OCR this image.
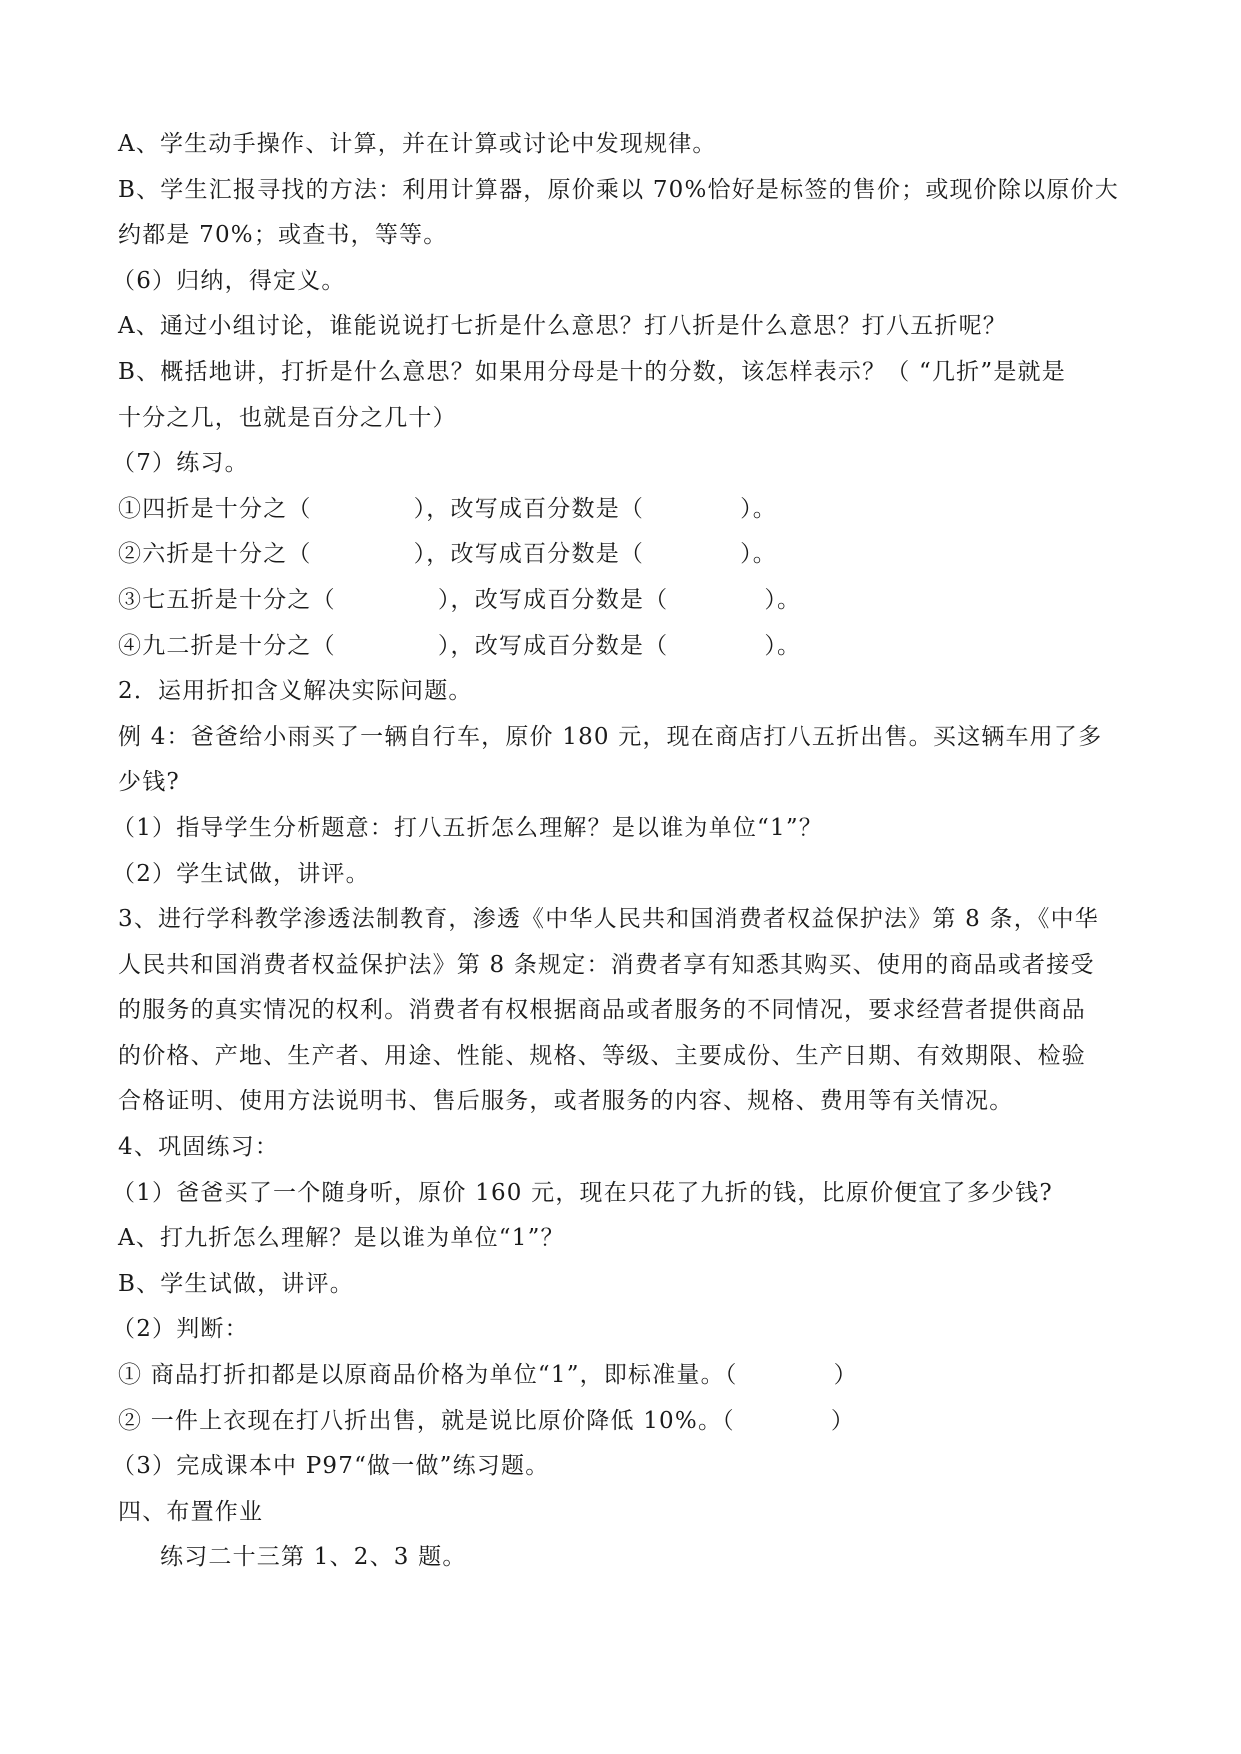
A、学生动手操作、计算，并在计算或讨论中发现规律。
B、学生汇报寻找的方法：利用计算器，原价乘以 70%恰好是标签的售价；或现价除以原价大
约都是 70%；或查书，等等。
（6）归纳，得定义。
A、通过小组讨论，谁能说说打七折是什么意思？打八折是什么意思？打八五折呢？
B、概括地讲，打折是什么意思？如果用分母是十的分数，该怎样表示？（ “几折”是就是
十分之几，也就是百分之几十）
（7）练习。
①四折是十分之（	），改写成百分数是（	）。
②六折是十分之（	），改写成百分数是（	）。
③七五折是十分之（	），改写成百分数是（	）。
④九二折是十分之（	），改写成百分数是（	）。
2．运用折扣含义解决实际问题。
例 4：爸爸给小雨买了一辆自行车，原价 180 元，现在商店打八五折出售。买这辆车用了多
少钱?
（1）指导学生分析题意：打八五折怎么理解？是以谁为单位“1”？
（2）学生试做，讲评。
3、进行学科教学渗透法制教育，渗透《中华人民共和国消费者权益保护法》第 8 条，《中华
人民共和国消费者权益保护法》第 8 条规定：消费者享有知悉其购买、使用的商品或者接受
的服务的真实情况的权利。消费者有权根据商品或者服务的不同情况，要求经营者提供商品
的价格、产地、生产者、用途、性能、规格、等级、主要成份、生产日期、有效期限、检验
合格证明、使用方法说明书、售后服务，或者服务的内容、规格、费用等有关情况。
4、巩固练习：
（1）爸爸买了一个随身听，原价 160 元，现在只花了九折的钱，比原价便宜了多少钱?
A、打九折怎么理解？是以谁为单位“1”？
B、学生试做，讲评。
（2）判断：
① 商品打折扣都是以原商品价格为单位“1”，即标准量。（	）
② 一件上衣现在打八折出售，就是说比原价降低 10%。（	）
（3）完成课本中 P97“做一做”练习题。
四、布置作业
练习二十三第 1、2、3 题。
